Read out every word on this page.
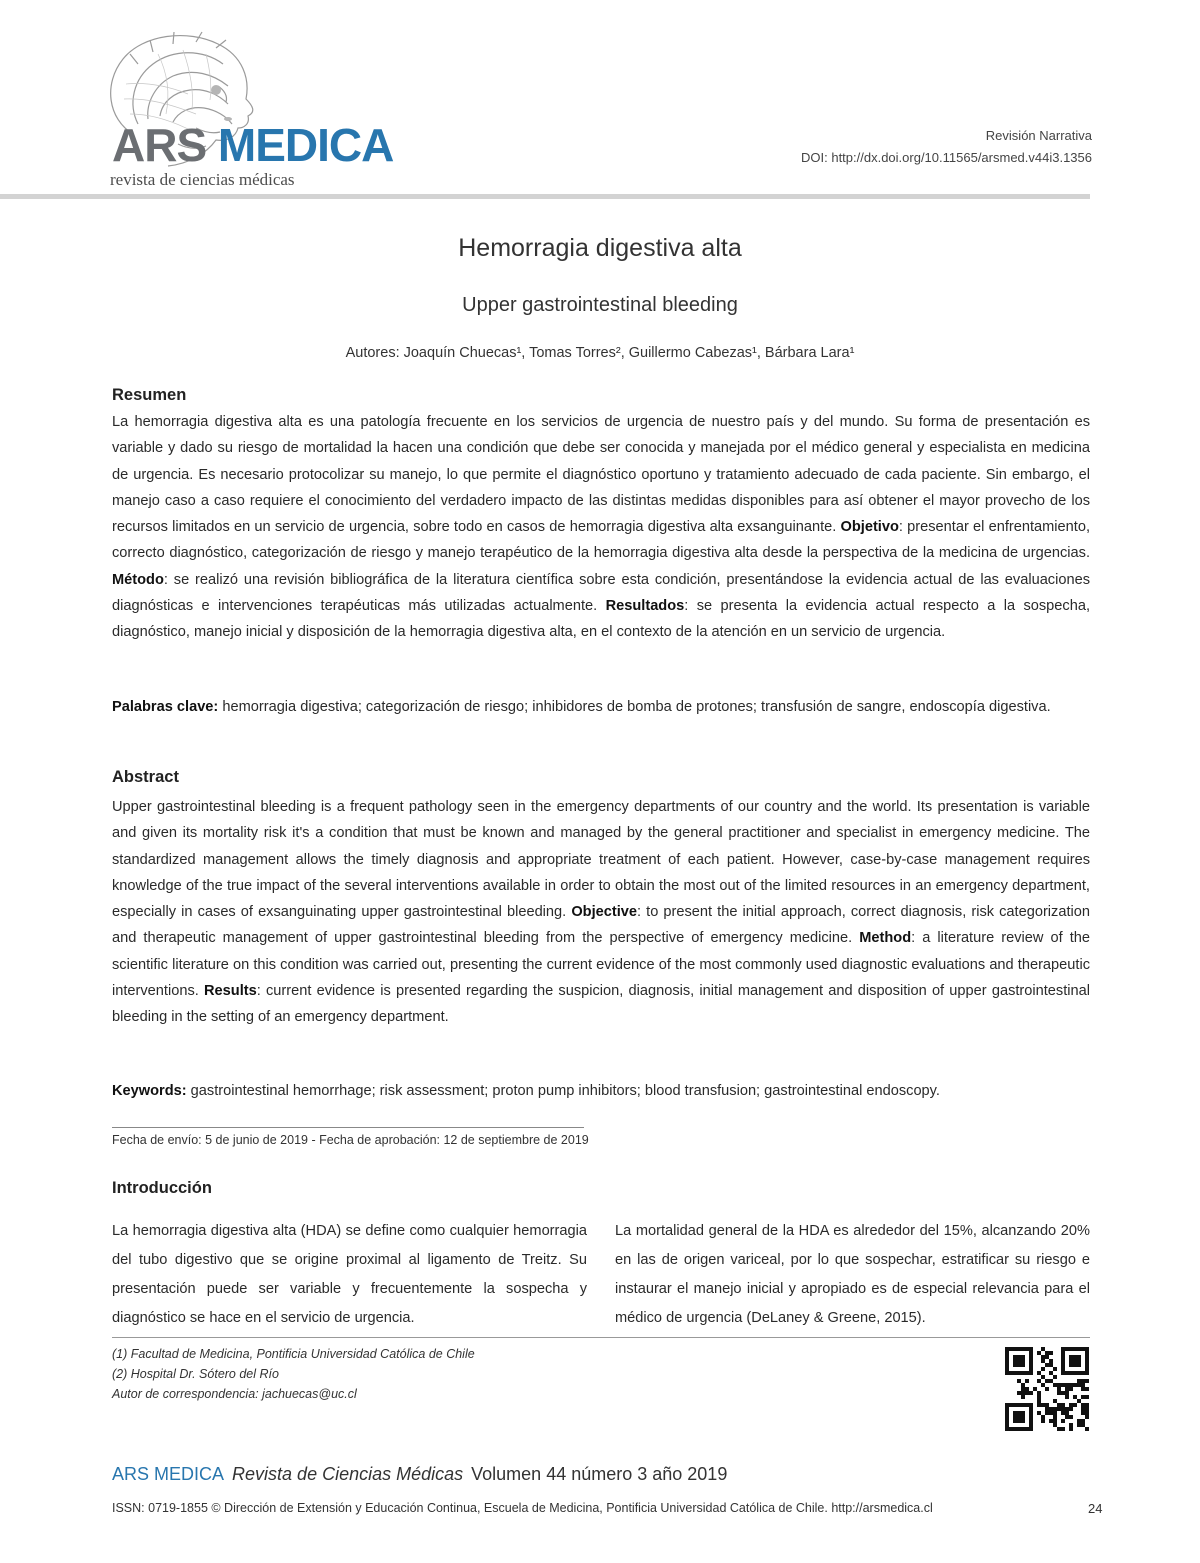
ARS MEDICA
revista de ciencias médicas
Revisión Narrativa
DOI: http://dx.doi.org/10.11565/arsmed.v44i3.1356
Hemorragia digestiva alta
Upper gastrointestinal bleeding
Autores: Joaquín Chuecas¹, Tomas Torres², Guillermo Cabezas¹, Bárbara Lara¹
Resumen
La hemorragia digestiva alta es una patología frecuente en los servicios de urgencia de nuestro país y del mundo. Su forma de presentación es variable y dado su riesgo de mortalidad la hacen una condición que debe ser conocida y manejada por el médico general y especialista en medicina de urgencia. Es necesario protocolizar su manejo, lo que permite el diagnóstico oportuno y tratamiento adecuado de cada paciente. Sin embargo, el manejo caso a caso requiere el conocimiento del verdadero impacto de las distintas medidas disponibles para así obtener el mayor provecho de los recursos limitados en un servicio de urgencia, sobre todo en casos de hemorragia digestiva alta exsanguinante. Objetivo: presentar el enfrentamiento, correcto diagnóstico, categorización de riesgo y manejo terapéutico de la hemorragia digestiva alta desde la perspectiva de la medicina de urgencias. Método: se realizó una revisión bibliográfica de la literatura científica sobre esta condición, presentándose la evidencia actual de las evaluaciones diagnósticas e intervenciones terapéuticas más utilizadas actualmente. Resultados: se presenta la evidencia actual respecto a la sospecha, diagnóstico, manejo inicial y disposición de la hemorragia digestiva alta, en el contexto de la atención en un servicio de urgencia.
Palabras clave: hemorragia digestiva; categorización de riesgo; inhibidores de bomba de protones; transfusión de sangre, endoscopía digestiva.
Abstract
Upper gastrointestinal bleeding is a frequent pathology seen in the emergency departments of our country and the world. Its presentation is variable and given its mortality risk it's a condition that must be known and managed by the general practitioner and specialist in emergency medicine. The standardized management allows the timely diagnosis and appropriate treatment of each patient. However, case-by-case management requires knowledge of the true impact of the several interventions available in order to obtain the most out of the limited resources in an emergency department, especially in cases of exsanguinating upper gastrointestinal bleeding. Objective: to present the initial approach, correct diagnosis, risk categorization and therapeutic management of upper gastrointestinal bleeding from the perspective of emergency medicine. Method: a literature review of the scientific literature on this condition was carried out, presenting the current evidence of the most commonly used diagnostic evaluations and therapeutic interventions. Results: current evidence is presented regarding the suspicion, diagnosis, initial management and disposition of upper gastrointestinal bleeding in the setting of an emergency department.
Keywords: gastrointestinal hemorrhage; risk assessment; proton pump inhibitors; blood transfusion; gastrointestinal endoscopy.
Fecha de envío: 5 de junio de 2019 - Fecha de aprobación: 12 de septiembre de 2019
Introducción
La hemorragia digestiva alta (HDA) se define como cualquier hemorragia del tubo digestivo que se origine proximal al ligamento de Treitz. Su presentación puede ser variable y frecuentemente la sospecha y diagnóstico se hace en el servicio de urgencia.
La mortalidad general de la HDA es alrededor del 15%, alcanzando 20% en las de origen variceal, por lo que sospechar, estratificar su riesgo e instaurar el manejo inicial y apropiado es de especial relevancia para el médico de urgencia (DeLaney & Greene, 2015).
(1) Facultad de Medicina, Pontificia Universidad Católica de Chile
(2) Hospital Dr. Sótero del Río
Autor de correspondencia: jachuecas@uc.cl
ARS MEDICA Revista de Ciencias Médicas Volumen 44 número 3 año 2019
ISSN: 0719-1855 © Dirección de Extensión y Educación Continua, Escuela de Medicina, Pontificia Universidad Católica de Chile. http://arsmedica.cl	24
